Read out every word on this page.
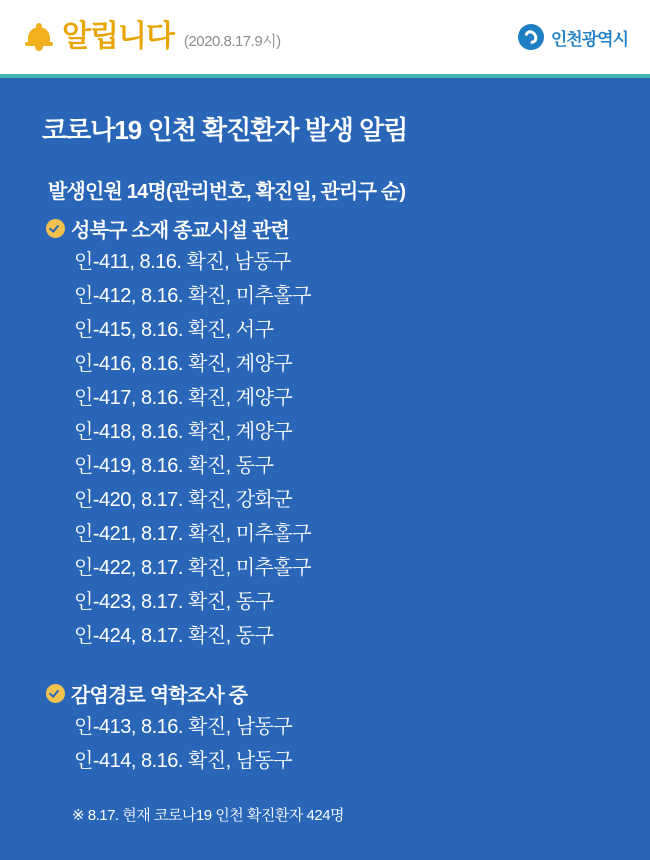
알립니다 (2020.8.17.9시)	인천광역시
코로나19 인천 확진환자 발생 알림
발생인원 14명(관리번호, 확진일, 관리구 순)
성북구 소재 종교시설 관련
인-411, 8.16. 확진, 남동구
인-412, 8.16. 확진, 미추홀구
인-415, 8.16. 확진, 서구
인-416, 8.16. 확진, 계양구
인-417, 8.16. 확진, 계양구
인-418, 8.16. 확진, 계양구
인-419, 8.16. 확진, 동구
인-420, 8.17. 확진, 강화군
인-421, 8.17. 확진, 미추홀구
인-422, 8.17. 확진, 미추홀구
인-423, 8.17. 확진, 동구
인-424, 8.17. 확진, 동구
감염경로 역학조사 중
인-413, 8.16. 확진, 남동구
인-414, 8.16. 확진, 남동구
※ 8.17. 현재 코로나19 인천 확진환자 424명
